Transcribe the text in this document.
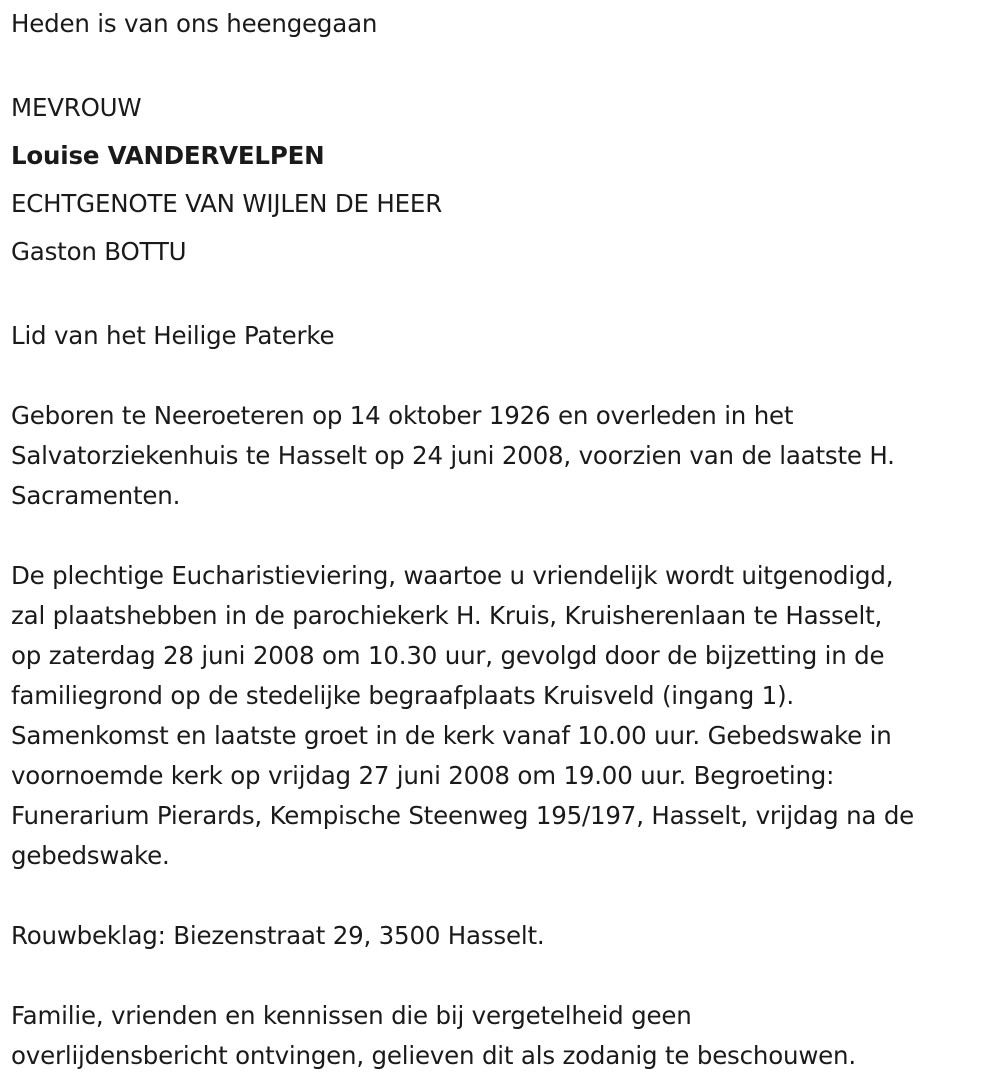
Heden is van ons heengegaan

MEVROUW

Louise VANDERVELPEN

ECHTGENOTE VAN WIJLEN DE HEER

Gaston BOTTU

Lid van het Heilige Paterke

Geboren te Neeroeteren op 14 oktober 1926 en overleden in het

Salvatorziekenhuis te Hasselt op 24 juni 2008, voorzien van de laatste H.

Sacramenten.

De plechtige Eucharistieviering, waartoe u vriendelijk wordt uitgenodigd,

zal plaatshebben in de parochiekerk H. Kruis, Kruisherenlaan te Hasselt,

op zaterdag 28 juni 2008 om 10.30 uur, gevolgd door de bijzetting in de

familiegrond op de stedelijke begraafplaats Kruisveld (ingang 1).

Samenkomst en laatste groet in de kerk vanaf 10.00 uur. Gebedswake in

voornoemde kerk op vrijdag 27 juni 2008 om 19.00 uur. Begroeting:

Funerarium Pierards, Kempische Steenweg 195/197, Hasselt, vrijdag na de

gebedswake.

Rouwbeklag: Biezenstraat 29, 3500 Hasselt.

Familie, vrienden en kennissen die bij vergetelheid geen

overlijdensbericht ontvingen, gelieven dit als zodanig te beschouwen.
